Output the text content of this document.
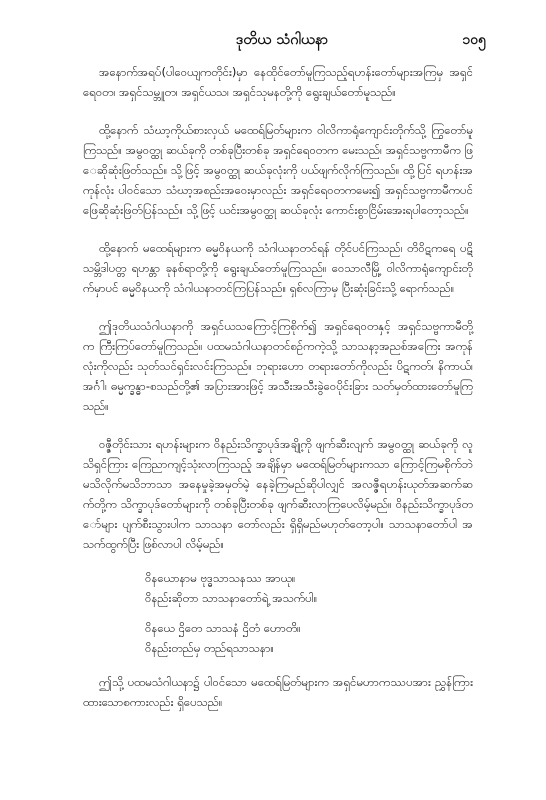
ဒုတိယ သံဂါယနာ	၁၀၅

အနောက်အရပ်(ပါဝေယျကတိုင်း)မှာ နေထိုင်တော်မူကြသည့်ရဟန်းတော်များအကြမှ အရှင်ရေဝတ၊ အရှင်သမ္ဘူတ၊ အရှင်ယသ၊ အရှင်သုမနတို့ကို ရွေးချယ်တော်မူသည်။

ထို့နောက် သံဃာ့ကိုယ်စားလှယ် မထေရ်မြတ်များက ဝါလိကာရုံကျောင်းတိုက်သို့ ကြွတော်မူကြသည်။ အမွဝတ္ထု ဆယ်ခုကို တစ်ခုပြီးတစ်ခု အရှင်ရေဝတက မေးသည်၊ အရှင်သဗ္ဗကာမီက ဖြေဆိုဆုံးဖြတ်သည်။ သို့ဖြင့် အမွဝတ္ထု ဆယ်ခုလုံးကို ပယ်ဖျက်လိုက်ကြသည်။ ထို့ပြင် ရဟန်းအကုန်လုံး ပါဝင်သော သံဃာ့အစည်းအဝေးမှာလည်း အရှင်ရေဝတကမေး၍ အရှင်သဗ္ဗကာမီကပင် ဖြေဆိုဆုံးဖြတ်ပြန်သည်။ သို့ဖြင့် ယင်းအမွဝတ္ထု ဆယ်ခုလုံး ကောင်းစွာငြိမ်းအေးရပါတော့သည်။

ထို့နောက် မထေရ်များက ဓမ္မဝိနယကို သံဂါယနာတင်ရန် တိုင်ပင်ကြသည်၊ တိဝိဋကရေ ပဋိသမ္ဘိဒါပတ္တ ရဟန္တာ ခုနစ်ရာတို့ကို ရွေးချယ်တော်မူကြသည်။ ဝေသာလီမြို့ ဝါလိကာရုံကျောင်းတိုက်မှာပင် ဓမ္မဝိနယကို သံဂါယနာတင်ကြပြန်သည်။ ရှစ်လကြာမှ ပြီးဆုံးခြင်းသို့ ရောက်သည်။

ဤဒုတိယသံဂါယနာကို အရှင်ယသကြောင့်ကြစိုက်၍ အရှင်ရေဝတနှင့် အရှင်သဗ္ဗကာမီတို့က ကြီးကြပ်တော်မူကြသည်။ ပထမသံဂါယနာတင်စဉ်ကကဲ့သို့ သာသနာ့အညစ်အကြေး အကုန်လုံးကိုလည်း သုတ်သင်ရှင်းလင်းကြသည်။ ဘုရားဟော တရားတော်ကိုလည်း ပိဋကတ်၊ နိကာယ်၊ အင်္ဂါ၊ ဓမ္မက္ခန္ဓာ-စသည်တို့၏ အပြားအားဖြင့် အသီးအသီးခွဲဝေပိုင်းခြား သတ်မှတ်ထားတော်မူကြသည်။

ဝဇ္ဇီတိုင်းသား ရဟန်းများက ဝိနည်းသိက္ခာပုဒ်အချို့ကို ဖျက်ဆီးလျက် အမွဝတ္ထု ဆယ်ခုကို လူသိရှင်ကြား ကြေညာကျင့်သုံးလာကြသည့် အချိန်မှာ မထေရ်မြတ်များကသာ ကြောင့်ကြမစိုက်ဘဲ မသိလိုက်မသိဘာသာ အနေမှုခဲ့အမှတ်မဲ့ နေခဲ့ကြမည်ဆိုပါလျှင် အလဇ္ဇီရဟန်းယုတ်အဆက်ဆက်တို့က သိက္ခာပုဒ်တော်များကို တစ်ခုပြီးတစ်ခု ဖျက်ဆီးလာကြပေလိမ့်မည်။ ဝိနည်းသိက္ခာပုဒ်တော်များ ပျက်စီးသွားပါက သာသနာ တော်လည်း ရှိရှိမည်မဟုတ်တော့ပါ။ သာသနာတော်ပါ အသက်ထွက်ပြီး ဖြစ်လာပါ လိမ့်မည်။

ဝိနယောနာမ ဗုဒ္ဓသာသနဿ အာယု။
ဝိနည်းဆိုတာ သာသနာတော်ရဲ့ အသက်ပါ။
ဝိနယေ ဌိတေ သာသနံ ဌိတံ ဟောတိ။
ဝိနည်းတည်မှ တည်ရသာသနာ။

ဤသို့ ပထမသံဂါယနာ၌ ပါဝင်သော မထေရ်မြတ်များက အရှင်မဟာကဿပအား ညွှန်ကြားထားသောစကားလည်း ရှိပေသည်။
